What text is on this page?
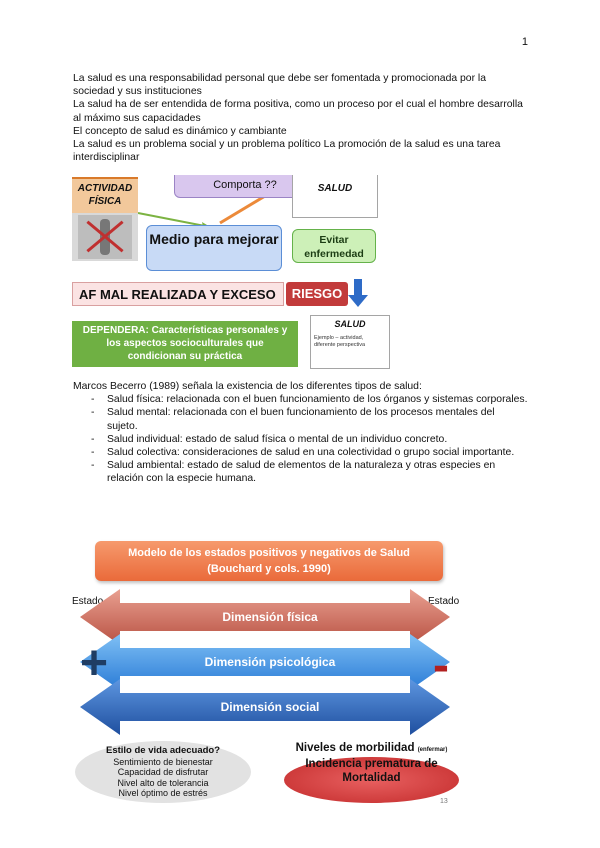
1

La salud es una responsabilidad personal que debe ser fomentada y promocionada por la sociedad y sus instituciones

La salud ha de ser entendida de forma positiva, como un proceso por el cual el hombre desarrolla al máximo sus capacidades

El concepto de salud es dinámico y cambiante

La salud es un problema social y un problema político La promoción de la salud es una tarea interdisciplinar

ACTIVIDAD FÍSICA
Comporta ??	SALUD
Medio para mejorar	Evitar enfermedad
AF MAL REALIZADA Y EXCESO	RIESGO
DEPENDERA: Características personales y los aspectos socioculturales que condicionan su práctica
SALUD
Ejemplo – actividad, diferente perspectiva

Marcos Becerro (1989) señala la existencia de los diferentes tipos de salud:

- Salud física: relacionada con el buen funcionamiento de los órganos y sistemas corporales.
- Salud mental: relacionada con el buen funcionamiento de los procesos mentales del sujeto.
- Salud individual: estado de salud física o mental de un individuo concreto.
- Salud colectiva: consideraciones de salud en una colectividad o grupo social importante.
- Salud ambiental: estado de salud de elementos de la naturaleza y otras especies en relación con la especie humana.
Modelo de los estados positivos y negativos de Salud
(Bouchard y cols. 1990)
Estado	Estado
Dimensión física
Dimensión psicológica
Dimensión social
+	-
Estilo de vida adecuado?
Sentimiento de bienestar
Capacidad de disfrutar
Nivel alto de tolerancia
Nivel óptimo de estrés
Niveles de morbilidad (enfermar)
Incidencia prematura de
Mortalidad
13
